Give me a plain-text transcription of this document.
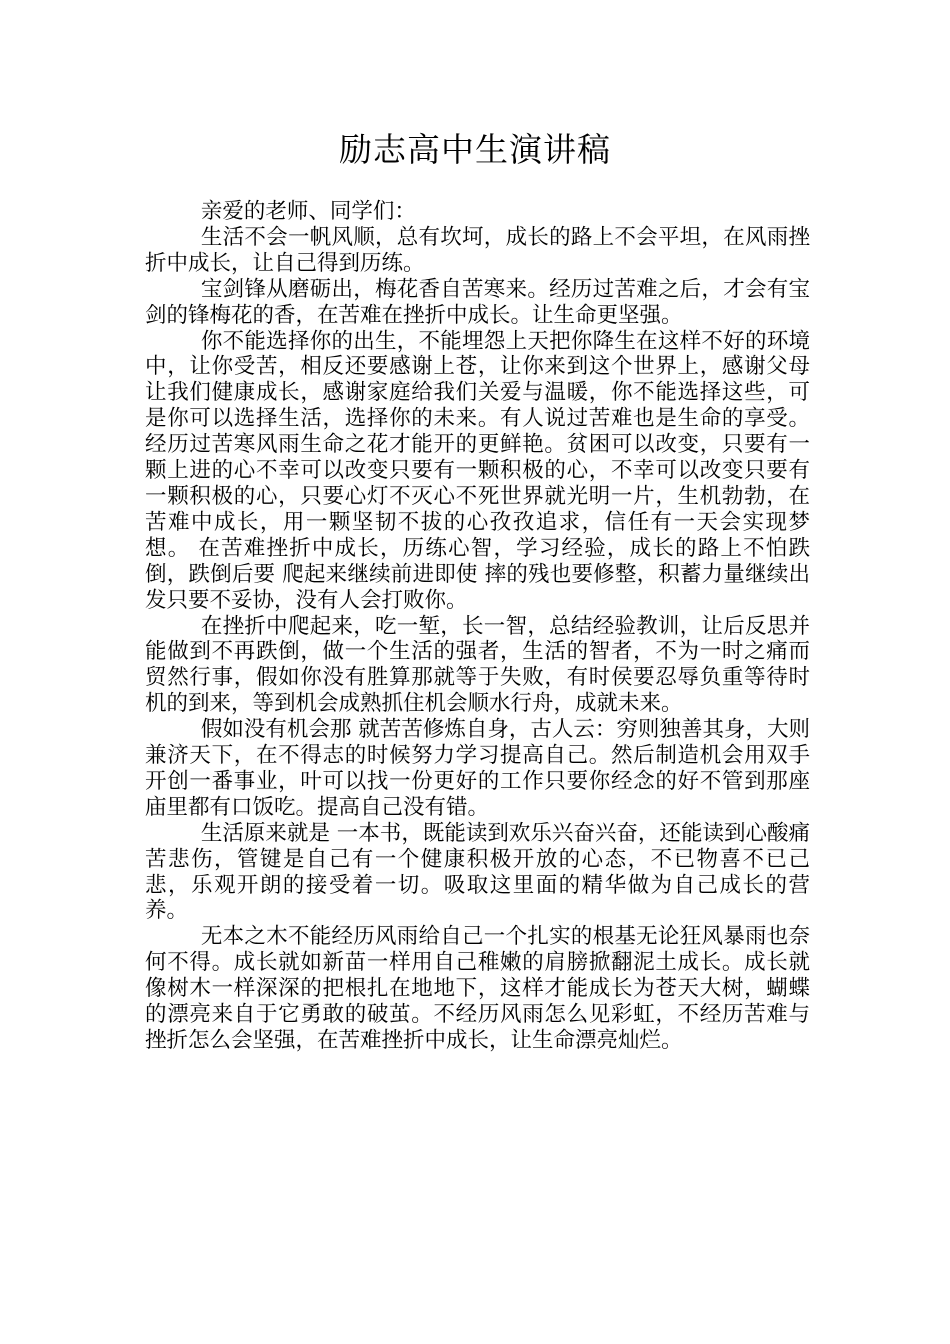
励志高中生演讲稿

亲爱的老师、同学们：

生活不会一帆风顺，总有坎坷，成长的路上不会平坦，在风雨挫折中成长，让自己得到历练。

宝剑锋从磨砺出，梅花香自苦寒来。经历过苦难之后，才会有宝剑的锋梅花的香，在苦难在挫折中成长。让生命更坚强。

你不能选择你的出生，不能埋怨上天把你降生在这样不好的环境中，让你受苦，相反还要感谢上苍，让你来到这个世界上，感谢父母让我们健康成长，感谢家庭给我们关爱与温暖，你不能选择这些，可是你可以选择生活，选择你的未来。有人说过苦难也是生命的享受。经历过苦寒风雨生命之花才能开的更鲜艳。贫困可以改变，只要有一颗上进的心不幸可以改变只要有一颗积极的心，不幸可以改变只要有一颗积极的心，只要心灯不灭心不死世界就光明一片，生机勃勃，在苦难中成长，用一颗坚韧不拔的心孜孜追求，信任有一天会实现梦想。 在苦难挫折中成长，历练心智，学习经验，成长的路上不怕跌倒，跌倒后要 爬起来继续前进即使 摔的残也要修整，积蓄力量继续出发只要不妥协，没有人会打败你。

在挫折中爬起来，吃一堑，长一智，总结经验教训，让后反思并能做到不再跌倒，做一个生活的强者，生活的智者，不为一时之痛而贸然行事，假如你没有胜算那就等于失败，有时侯要忍辱负重等待时机的到来，等到机会成熟抓住机会顺水行舟，成就未来。

假如没有机会那 就苦苦修炼自身，古人云：穷则独善其身，大则兼济天下，在不得志的时候努力学习提高自己。然后制造机会用双手开创一番事业，叶可以找一份更好的工作只要你经念的好不管到那座庙里都有口饭吃。提高自己没有错。

生活原来就是 一本书，既能读到欢乐兴奋兴奋，还能读到心酸痛苦悲伤，管键是自己有一个健康积极开放的心态，不已物喜不已己悲，乐观开朗的接受着一切。吸取这里面的精华做为自己成长的营养。

无本之木不能经历风雨给自己一个扎实的根基无论狂风暴雨也奈何不得。成长就如新苗一样用自己稚嫩的肩膀掀翻泥土成长。成长就像树木一样深深的把根扎在地地下，这样才能成长为苍天大树，蝴蝶的漂亮来自于它勇敢的破茧。不经历风雨怎么见彩虹，不经历苦难与挫折怎么会坚强，在苦难挫折中成长，让生命漂亮灿烂。
